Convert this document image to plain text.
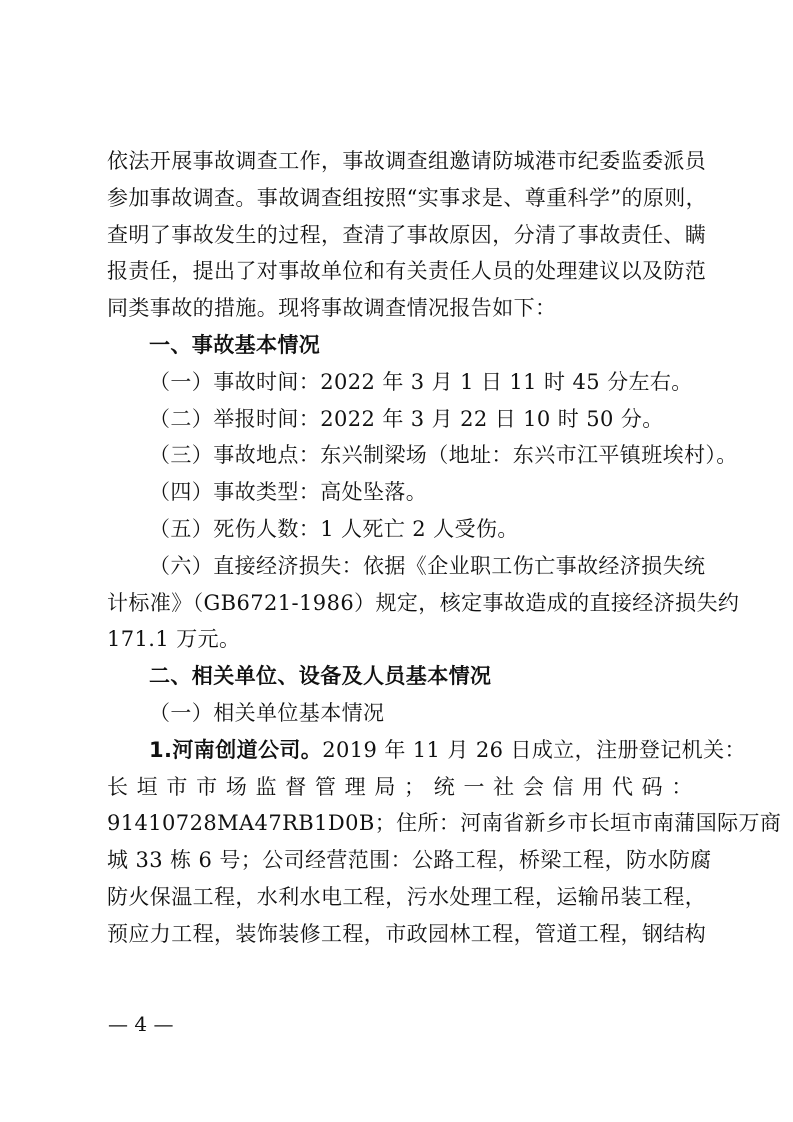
依法开展事故调查工作，事故调查组邀请防城港市纪委监委派员
参加事故调查。事故调查组按照“实事求是、尊重科学”的原则，
查明了事故发生的过程，查清了事故原因，分清了事故责任、瞒
报责任，提出了对事故单位和有关责任人员的处理建议以及防范
同类事故的措施。现将事故调查情况报告如下：
一、事故基本情况
（一）事故时间：2022 年 3 月 1 日 11 时 45 分左右。
（二）举报时间：2022 年 3 月 22 日 10 时 50 分。
（三）事故地点：东兴制梁场（地址：东兴市江平镇班埃村）。
（四）事故类型：高处坠落。
（五）死伤人数：1 人死亡 2 人受伤。
（六）直接经济损失：依据《企业职工伤亡事故经济损失统
计标准》（GB6721-1986）规定，核定事故造成的直接经济损失约
171.1 万元。
二、相关单位、设备及人员基本情况
（一）相关单位基本情况
1.河南创道公司。2019 年 11 月 26 日成立，注册登记机关：
长 垣 市 市 场 监 督 管 理 局 ； 统 一 社 会 信 用 代 码 ：
91410728MA47RB1D0B；住所：河南省新乡市长垣市南蒲国际万商
城 33 栋 6 号；公司经营范围：公路工程，桥梁工程，防水防腐
防火保温工程，水利水电工程，污水处理工程，运输吊装工程，
预应力工程，装饰装修工程，市政园林工程，管道工程，钢结构
— 4 —
